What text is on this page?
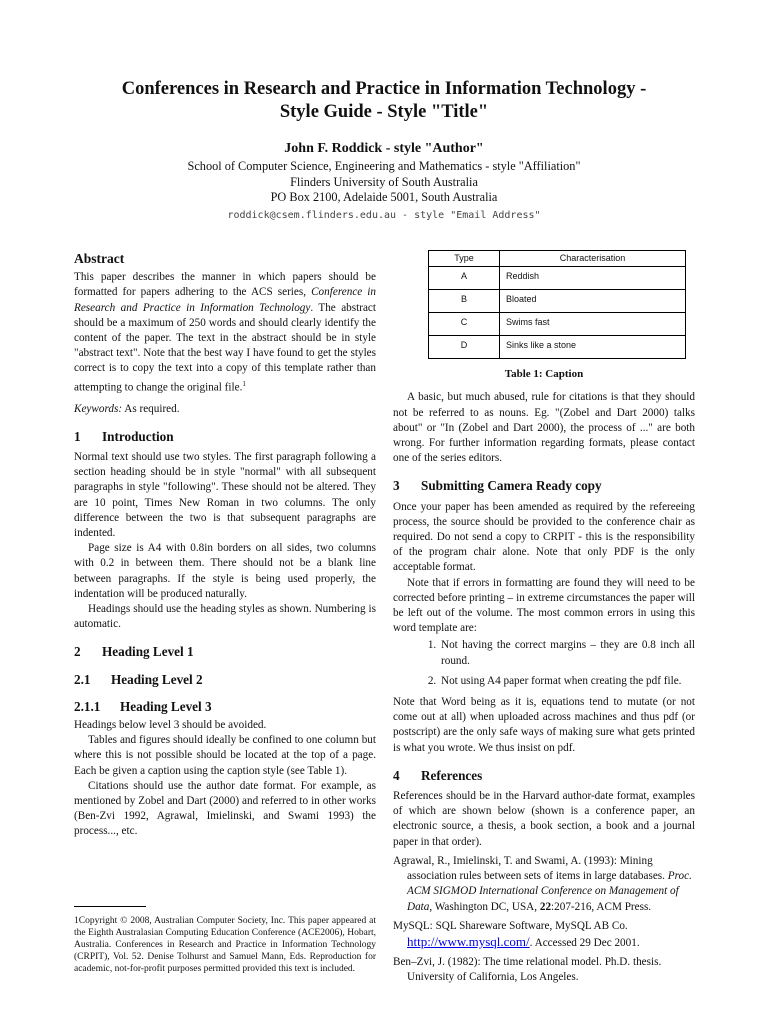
Conferences in Research and Practice in Information Technology -
Style Guide - Style "Title"
John F. Roddick - style "Author"
School of Computer Science, Engineering and Mathematics - style "Affiliation"
Flinders University of South Australia
PO Box 2100, Adelaide 5001, South Australia
roddick@csem.flinders.edu.au - style "Email Address"
Abstract

This paper describes the manner in which papers should be formatted for papers adhering to the ACS series, Conference in Research and Practice in Information Technology. The abstract should be a maximum of 250 words and should clearly identify the content of the paper. The text in the abstract should be in style "abstract text". Note that the best way I have found to get the styles correct is to copy the text into a copy of this template rather than attempting to change the original file.$^1$

Keywords: As required.

1 Introduction

Normal text should use two styles. The first paragraph following a section heading should be in style "normal" with all subsequent paragraphs in style "following". These should not be altered. They are 10 point, Times New Roman in two columns. The only difference between the two is that subsequent paragraphs are indented.

Page size is A4 with 0.8in borders on all sides, two columns with 0.2 in between them. There should not be a blank line between paragraphs. If the style is being used properly, the indentation will be produced naturally.

Headings should use the heading styles as shown. Numbering is automatic.

2 Heading Level 1
2.1 Heading Level 2
2.1.1 Heading Level 3

Headings below level 3 should be avoided.

Tables and figures should ideally be confined to one column but where this is not possible should be located at the top of a page. Each be given a caption using the caption style (see Table 1).

Citations should use the author date format. For example, as mentioned by Zobel and Dart (2000) and referred to in other works (Ben-Zvi 1992, Agrawal, Imielinski, and Swami 1993) the process..., etc.

1Copyright © 2008, Australian Computer Society, Inc. This paper appeared at the Eighth Australasian Computing Education Conference (ACE2006), Hobart, Australia. Conferences in Research and Practice in Information Technology (CRPIT), Vol. 52. Denise Tolhurst and Samuel Mann, Eds. Reproduction for academic, not-for-profit purposes permitted provided this text is included.

Type	Characterisation
A	Reddish
B	Bloated
C	Swims fast
D	Sinks like a stone
Table 1: Caption

A basic, but much abused, rule for citations is that they should not be referred to as nouns. Eg. "(Zobel and Dart 2000) talks about" or "In (Zobel and Dart 2000), the process of ..." are both wrong. For further information regarding formats, please contact one of the series editors.

3 Submitting Camera Ready copy

Once your paper has been amended as required by the refereeing process, the source should be provided to the conference chair as required. Do not send a copy to CRPIT - this is the responsibility of the program chair alone. Note that only PDF is the only acceptable format.

Note that if errors in formatting are found they will need to be corrected before printing – in extreme circumstances the paper will be left out of the volume. The most common errors in using this word template are:

1. Not having the correct margins – they are 0.8 inch all round.
2. Not using A4 paper format when creating the pdf file.

Note that Word being as it is, equations tend to mutate (or not come out at all) when uploaded across machines and thus pdf (or postscript) are the only safe ways of making sure what gets printed is what you wrote. We thus insist on pdf.

4 References

References should be in the Harvard author-date format, examples of which are shown below (shown is a conference paper, an electronic source, a thesis, a book section, a book and a journal paper in that order).

Agrawal, R., Imielinski, T. and Swami, A. (1993): Mining association rules between sets of items in large databases. Proc. ACM SIGMOD International Conference on Management of Data, Washington DC, USA, 22:207-216, ACM Press.

MySQL: SQL Shareware Software, MySQL AB Co. http://www.mysql.com/. Accessed 29 Dec 2001.

Ben–Zvi, J. (1982): The time relational model. Ph.D. thesis. University of California, Los Angeles.
